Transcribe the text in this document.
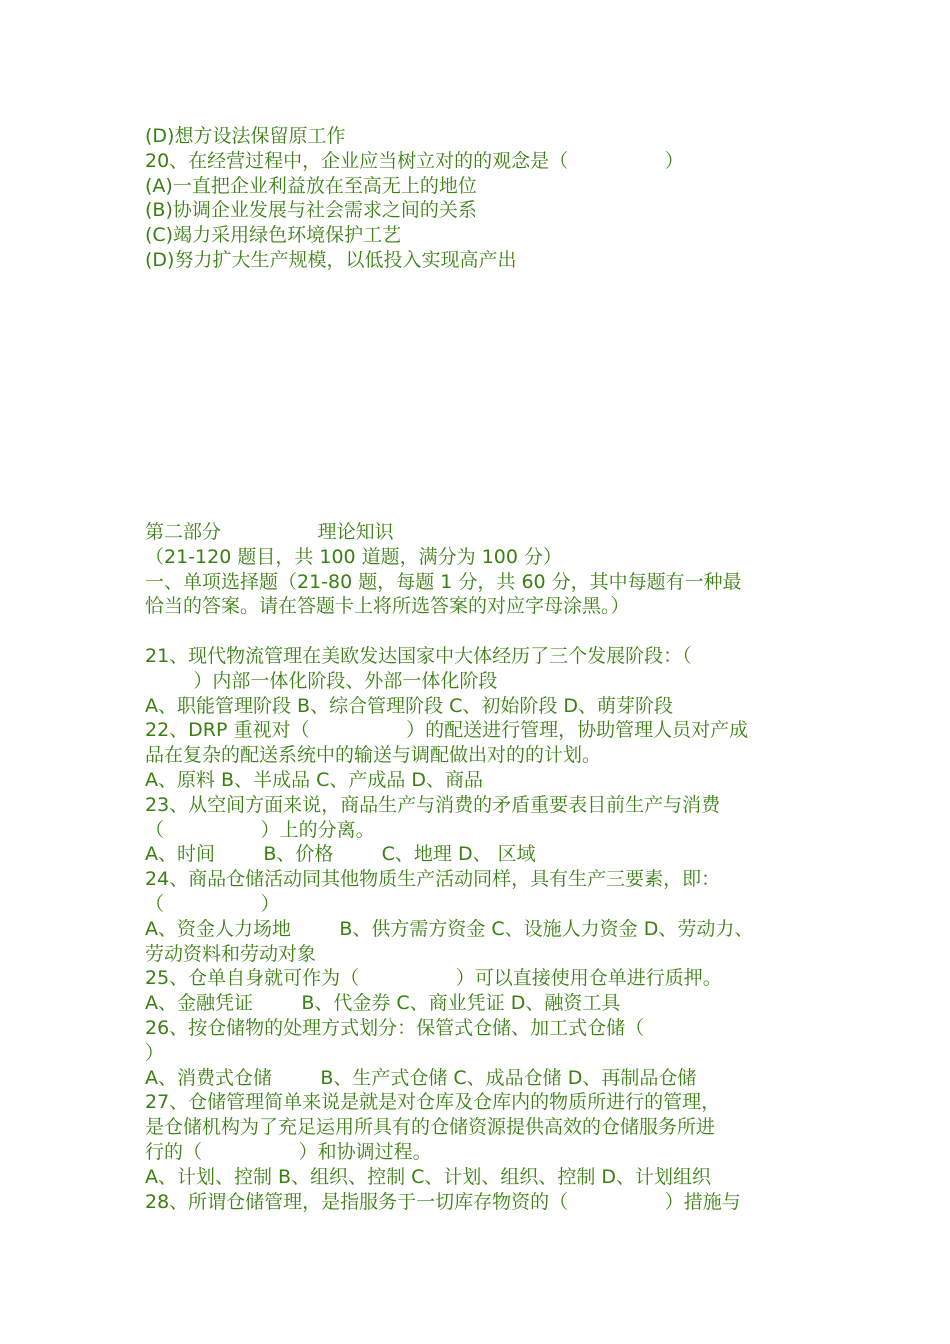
(D)想方设法保留原工作

20、在经营过程中，企业应当树立对的的观念是（                ）

(A)一直把企业利益放在至高无上的地位

(B)协调企业发展与社会需求之间的关系

(C)竭力采用绿色环境保护工艺

(D)努力扩大生产规模，以低投入实现高产出

第二部分                理论知识

（21-120 题目，共 100 道题，满分为 100 分）

一、单项选择题（21-80 题，每题 1 分，共 60 分，其中每题有一种最

恰当的答案。请在答题卡上将所选答案的对应字母涂黑。）

21、现代物流管理在美欧发达国家中大体经历了三个发展阶段：（

）内部一体化阶段、外部一体化阶段

A、职能管理阶段 B、综合管理阶段 C、初始阶段 D、萌芽阶段

22、DRP 重视对（                ）的配送进行管理，协助管理人员对产成

品在复杂的配送系统中的输送与调配做出对的的计划。

A、原料 B、半成品 C、产成品 D、商品

23、从空间方面来说，商品生产与消费的矛盾重要表目前生产与消费

（                ）上的分离。

A、时间        B、价格        C、地理 D、 区域

24、商品仓储活动同其他物质生产活动同样，具有生产三要素，即：

（                ）

A、资金人力场地        B、供方需方资金 C、设施人力资金 D、劳动力、

劳动资料和劳动对象

25、仓单自身就可作为（                ）可以直接使用仓单进行质押。

A、金融凭证        B、代金券 C、商业凭证 D、融资工具

26、按仓储物的处理方式划分：保管式仓储、加工式仓储（

）

A、消费式仓储        B、生产式仓储 C、成品仓储 D、再制品仓储

27、仓储管理简单来说是就是对仓库及仓库内的物质所进行的管理，

是仓储机构为了充足运用所具有的仓储资源提供高效的仓储服务所进

行的（                ）和协调过程。

A、计划、控制 B、组织、控制 C、计划、组织、控制 D、计划组织

28、所谓仓储管理，是指服务于一切库存物资的（                ）措施与
